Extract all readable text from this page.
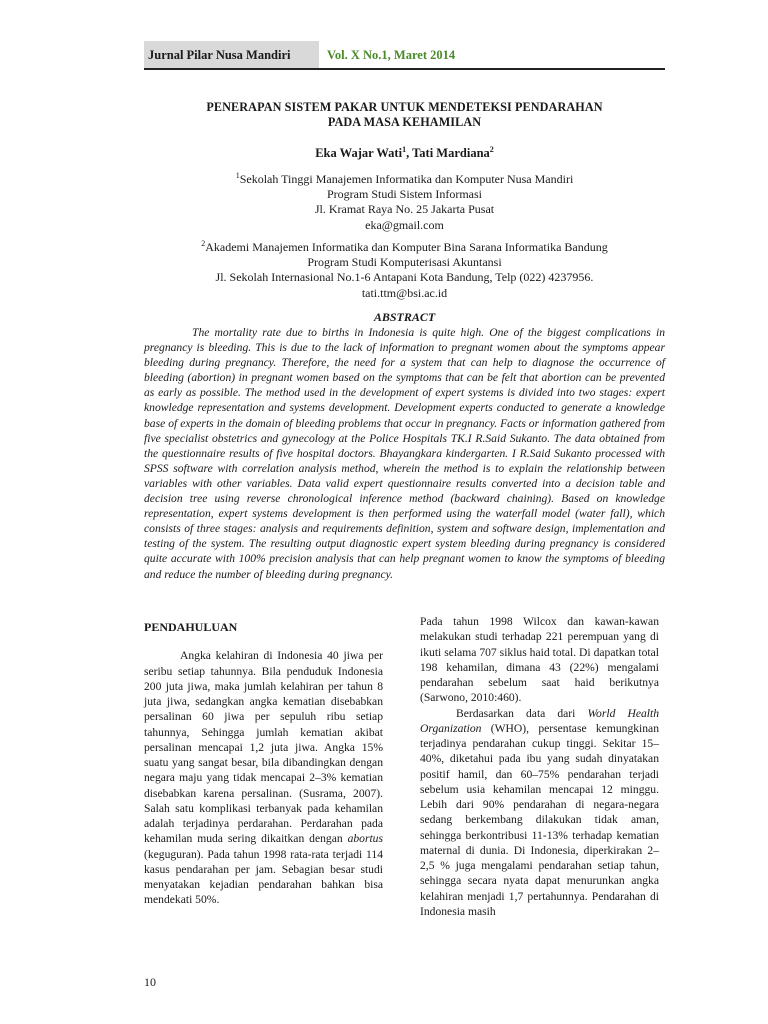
Jurnal Pilar Nusa Mandiri	Vol. X No.1, Maret 2014
PENERAPAN SISTEM PAKAR UNTUK MENDETEKSI PENDARAHAN
PADA MASA KEHAMILAN
Eka Wajar Wati$^1$, Tati Mardiana$^2$
$^1$Sekolah Tinggi Manajemen Informatika dan Komputer Nusa Mandiri
Program Studi Sistem Informasi
Jl. Kramat Raya No. 25 Jakarta Pusat
eka@gmail.com
$^2$Akademi Manajemen Informatika dan Komputer Bina Sarana Informatika Bandung
Program Studi Komputerisasi Akuntansi
Jl. Sekolah Internasional No.1-6 Antapani Kota Bandung, Telp (022) 4237956.
tati.ttm@bsi.ac.id
ABSTRACT

The mortality rate due to births in Indonesia is quite high. One of the biggest complications in pregnancy is bleeding. This is due to the lack of information to pregnant women about the symptoms appear bleeding during pregnancy. Therefore, the need for a system that can help to diagnose the occurrence of bleeding (abortion) in pregnant women based on the symptoms that can be felt that abortion can be prevented as early as possible. The method used in the development of expert systems is divided into two stages: expert knowledge representation and systems development. Development experts conducted to generate a knowledge base of experts in the domain of bleeding problems that occur in pregnancy. Facts or information gathered from five specialist obstetrics and gynecology at the Police Hospitals TK.I R.Said Sukanto. The data obtained from the questionnaire results of five hospital doctors. Bhayangkara kindergarten. I R.Said Sukanto processed with SPSS software with correlation analysis method, wherein the method is to explain the relationship between variables with other variables. Data valid expert questionnaire results converted into a decision table and decision tree using reverse chronological inference method (backward chaining). Based on knowledge representation, expert systems development is then performed using the waterfall model (water fall), which consists of three stages: analysis and requirements definition, system and software design, implementation and testing of the system. The resulting output diagnostic expert system bleeding during pregnancy is considered quite accurate with 100% precision analysis that can help pregnant women to know the symptoms of bleeding and reduce the number of bleeding during pregnancy.

PENDAHULUAN

Angka kelahiran di Indonesia 40 jiwa per seribu setiap tahunnya. Bila penduduk Indonesia 200 juta jiwa, maka jumlah kelahiran per tahun 8 juta jiwa, sedangkan angka kematian disebabkan persalinan 60 jiwa per sepuluh ribu setiap tahunnya, Sehingga jumlah kematian akibat persalinan mencapai 1,2 juta jiwa. Angka 15% suatu yang sangat besar, bila dibandingkan dengan negara maju yang tidak mencapai 2–3% kematian disebabkan karena persalinan. (Susrama, 2007). Salah satu komplikasi terbanyak pada kehamilan adalah terjadinya perdarahan. Perdarahan pada kehamilan muda sering dikaitkan dengan abortus (keguguran). Pada tahun 1998 rata-rata terjadi 114 kasus pendarahan per jam. Sebagian besar studi menyatakan kejadian pendarahan bahkan bisa mendekati 50%.

Pada tahun 1998 Wilcox dan kawan-kawan melakukan studi terhadap 221 perempuan yang di ikuti selama 707 siklus haid total. Di dapatkan total 198 kehamilan, dimana 43 (22%) mengalami pendarahan sebelum saat haid berikutnya (Sarwono, 2010:460).

Berdasarkan data dari World Health Organization (WHO), persentase kemungkinan terjadinya pendarahan cukup tinggi. Sekitar 15–40%, diketahui pada ibu yang sudah dinyatakan positif hamil, dan 60–75% pendarahan terjadi sebelum usia kehamilan mencapai 12 minggu. Lebih dari 90% pendarahan di negara-negara sedang berkembang dilakukan tidak aman, sehingga berkontribusi 11-13% terhadap kematian maternal di dunia. Di Indonesia, diperkirakan 2–2,5 % juga mengalami pendarahan setiap tahun, sehingga secara nyata dapat menurunkan angka kelahiran menjadi 1,7 pertahunnya. Pendarahan di Indonesia masih

10
